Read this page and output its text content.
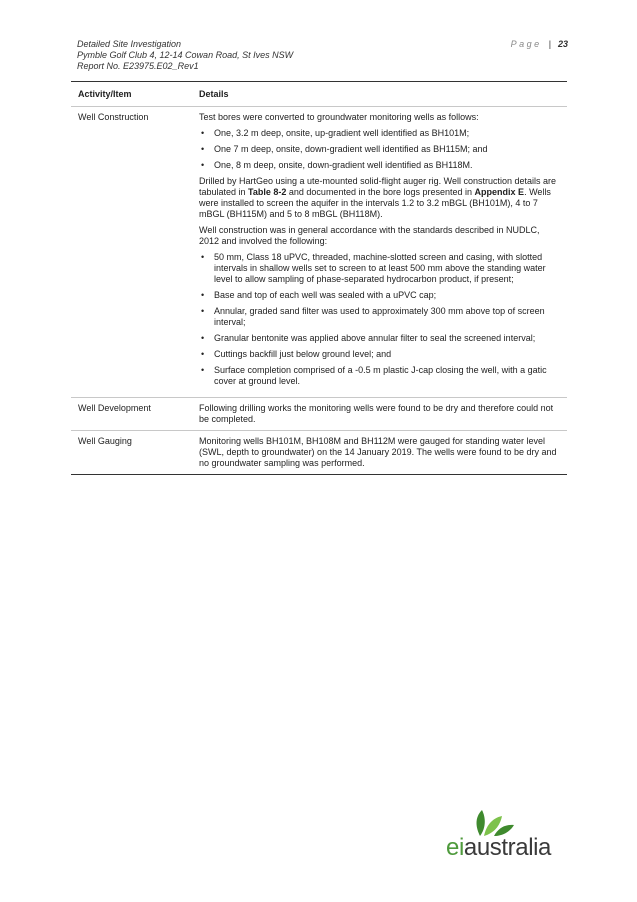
Detailed Site Investigation
Pymble Golf Club 4, 12-14 Cowan Road, St Ives NSW
Report No. E23975.E02_Rev1
Page | 23
Activity/Item	Details
Well Construction	Test bores were converted to groundwater monitoring wells as follows:

• One, 3.2 m deep, onsite, up-gradient well identified as BH101M;
• One 7 m deep, onsite, down-gradient well identified as BH115M; and
• One, 8 m deep, onsite, down-gradient well identified as BH118M.

Drilled by HartGeo using a ute-mounted solid-flight auger rig. Well construction details are tabulated in Table 8-2 and documented in the bore logs presented in Appendix E. Wells were installed to screen the aquifer in the intervals 1.2 to 3.2 mBGL (BH101M), 4 to 7 mBGL (BH115M) and 5 to 8 mBGL (BH118M).

Well construction was in general accordance with the standards described in NUDLC, 2012 and involved the following:

• 50 mm, Class 18 uPVC, threaded, machine-slotted screen and casing, with slotted intervals in shallow wells set to screen to at least 500 mm above the standing water level to allow sampling of phase-separated hydrocarbon product, if present;
• Base and top of each well was sealed with a uPVC cap;
• Annular, graded sand filter was used to approximately 300 mm above top of screen interval;
• Granular bentonite was applied above annular filter to seal the screened interval;
• Cuttings backfill just below ground level; and
• Surface completion comprised of a -0.5 m plastic J-cap closing the well, with a gatic cover at ground level.
Well Development	Following drilling works the monitoring wells were found to be dry and therefore could not be completed.

Well Gauging	Monitoring wells BH101M, BH108M and BH112M were gauged for standing water level (SWL, depth to groundwater) on the 14 January 2019. The wells were found to be dry and no groundwater sampling was performed.

eiaustralia
